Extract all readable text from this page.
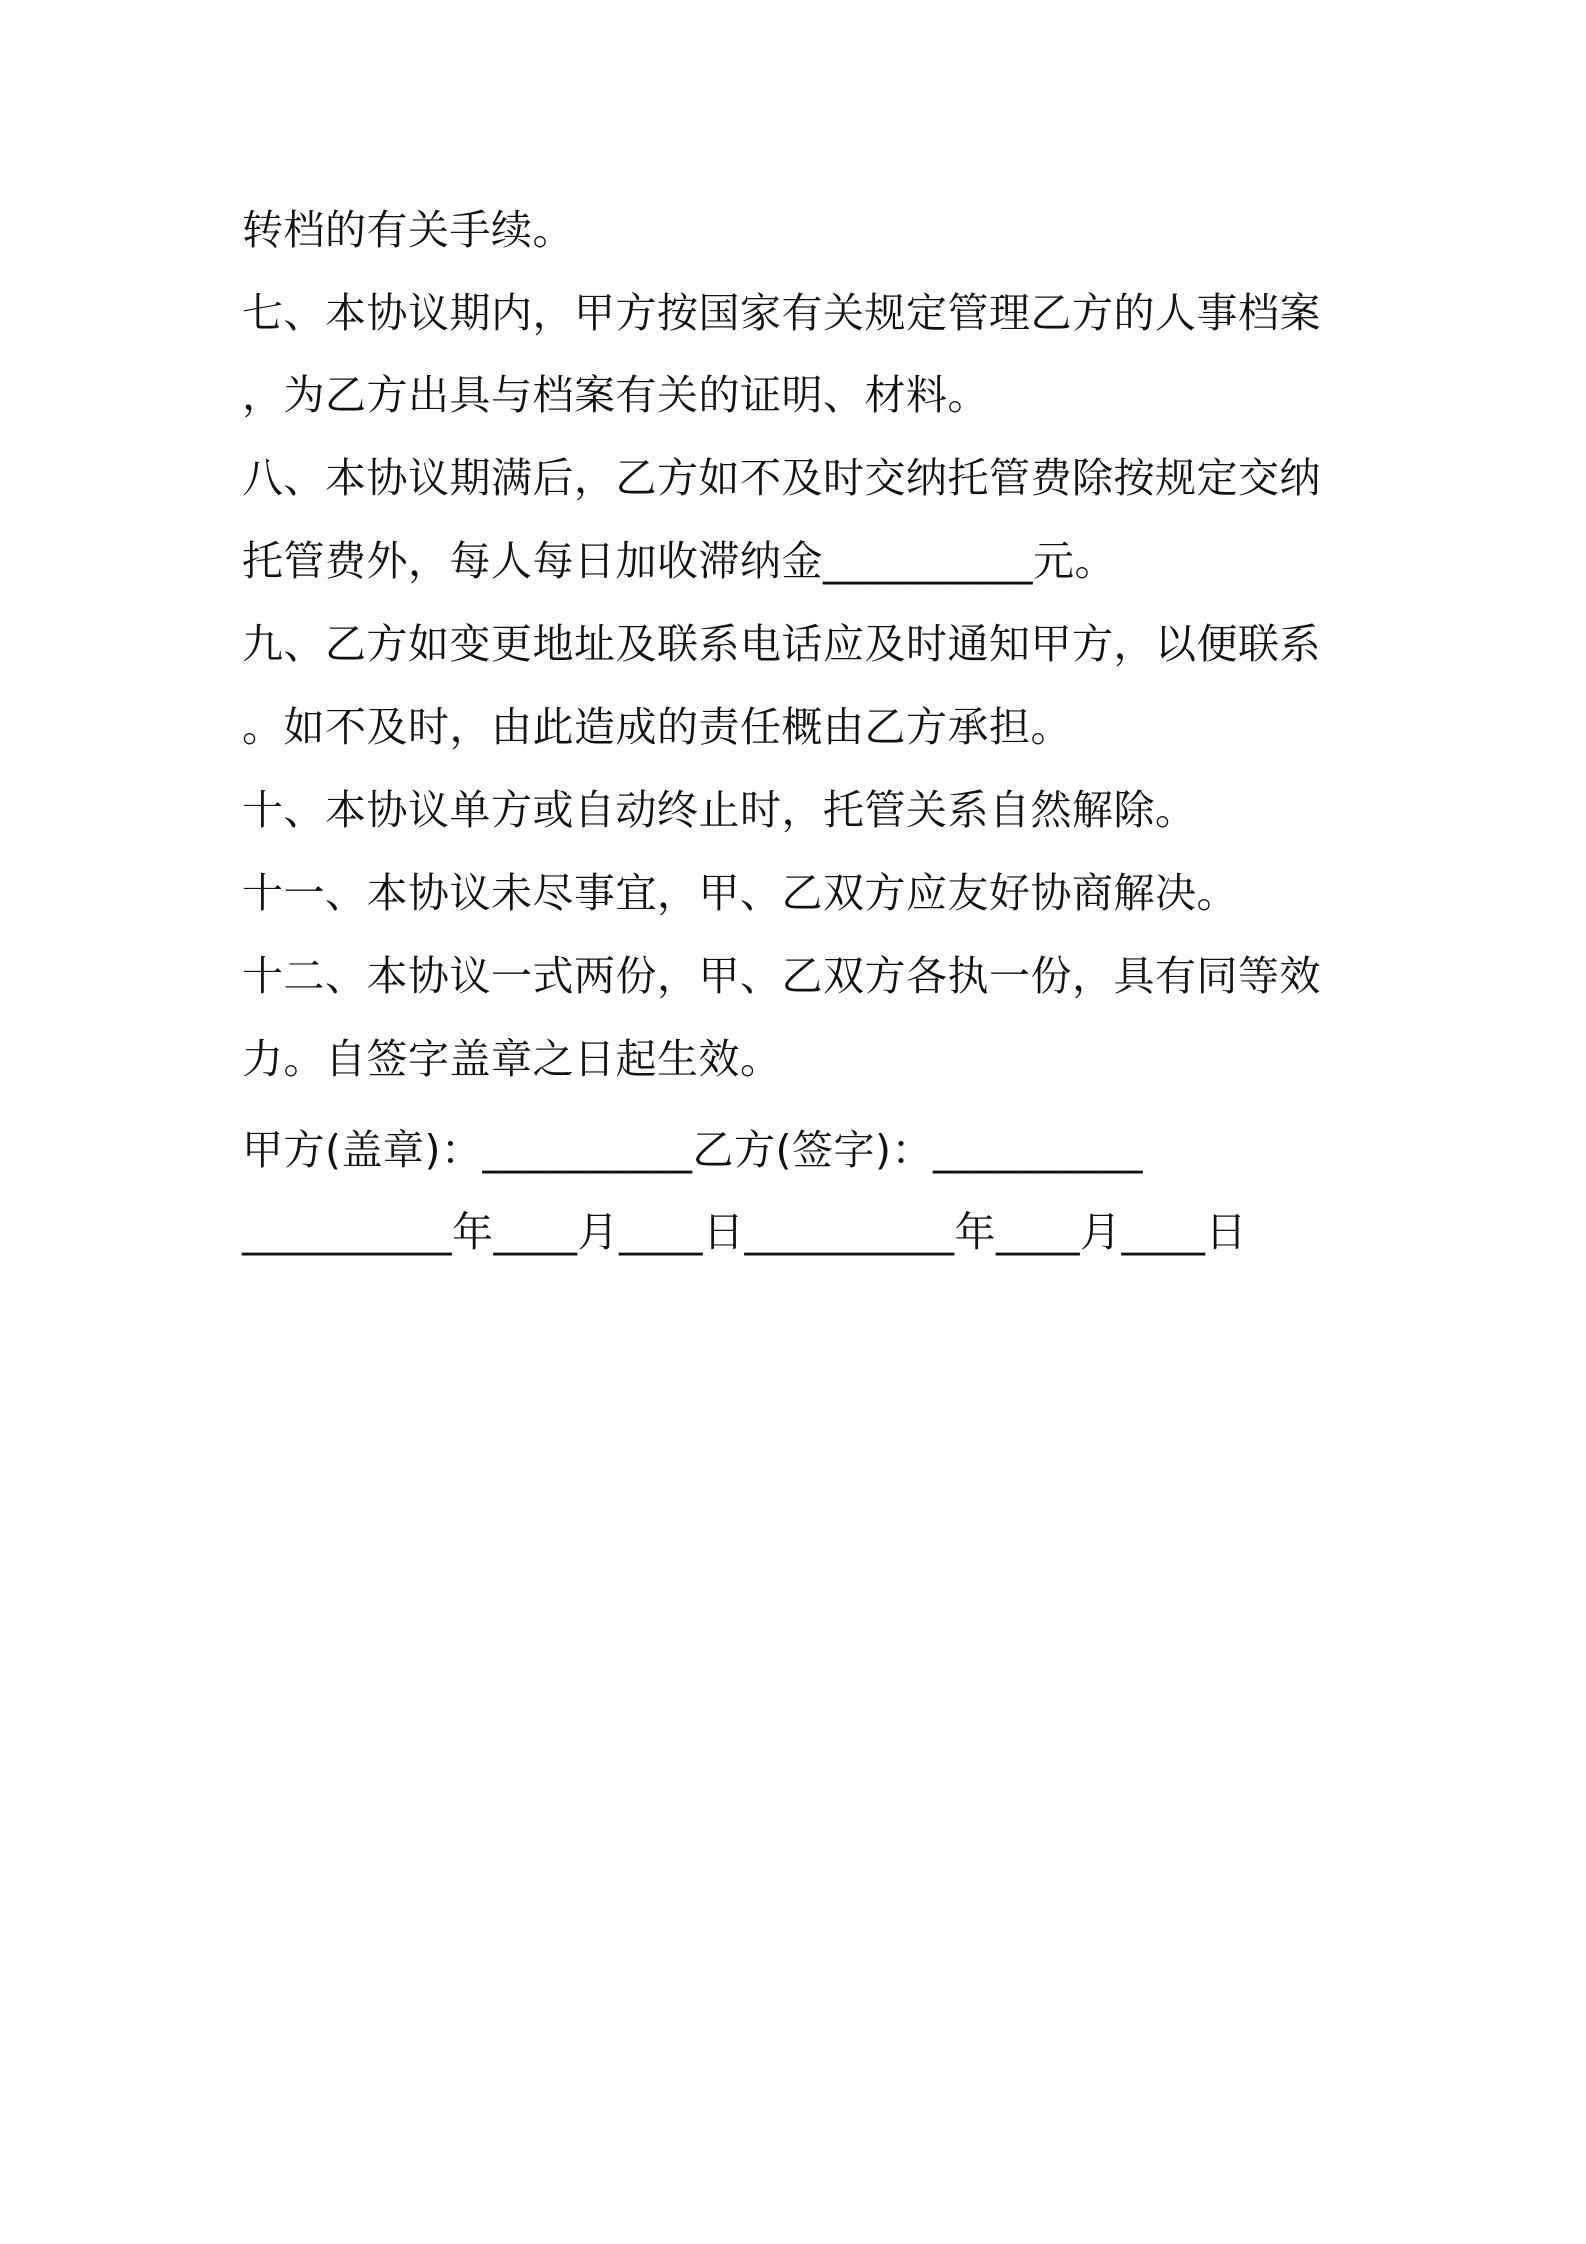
转档的有关手续。
七、本协议期内，甲方按国家有关规定管理乙方的人事档案
，为乙方出具与档案有关的证明、材料。
八、本协议期满后，乙方如不及时交纳托管费除按规定交纳
托管费外，每人每日加收滞纳金__________元。
九、乙方如变更地址及联系电话应及时通知甲方，以便联系
。如不及时，由此造成的责任概由乙方承担。
十、本协议单方或自动终止时，托管关系自然解除。
十一、本协议未尽事宜，甲、乙双方应友好协商解决。
十二、本协议一式两份，甲、乙双方各执一份，具有同等效
力。自签字盖章之日起生效。
甲方(盖章)：__________乙方(签字)：__________
__________年____月____日__________年____月____日
